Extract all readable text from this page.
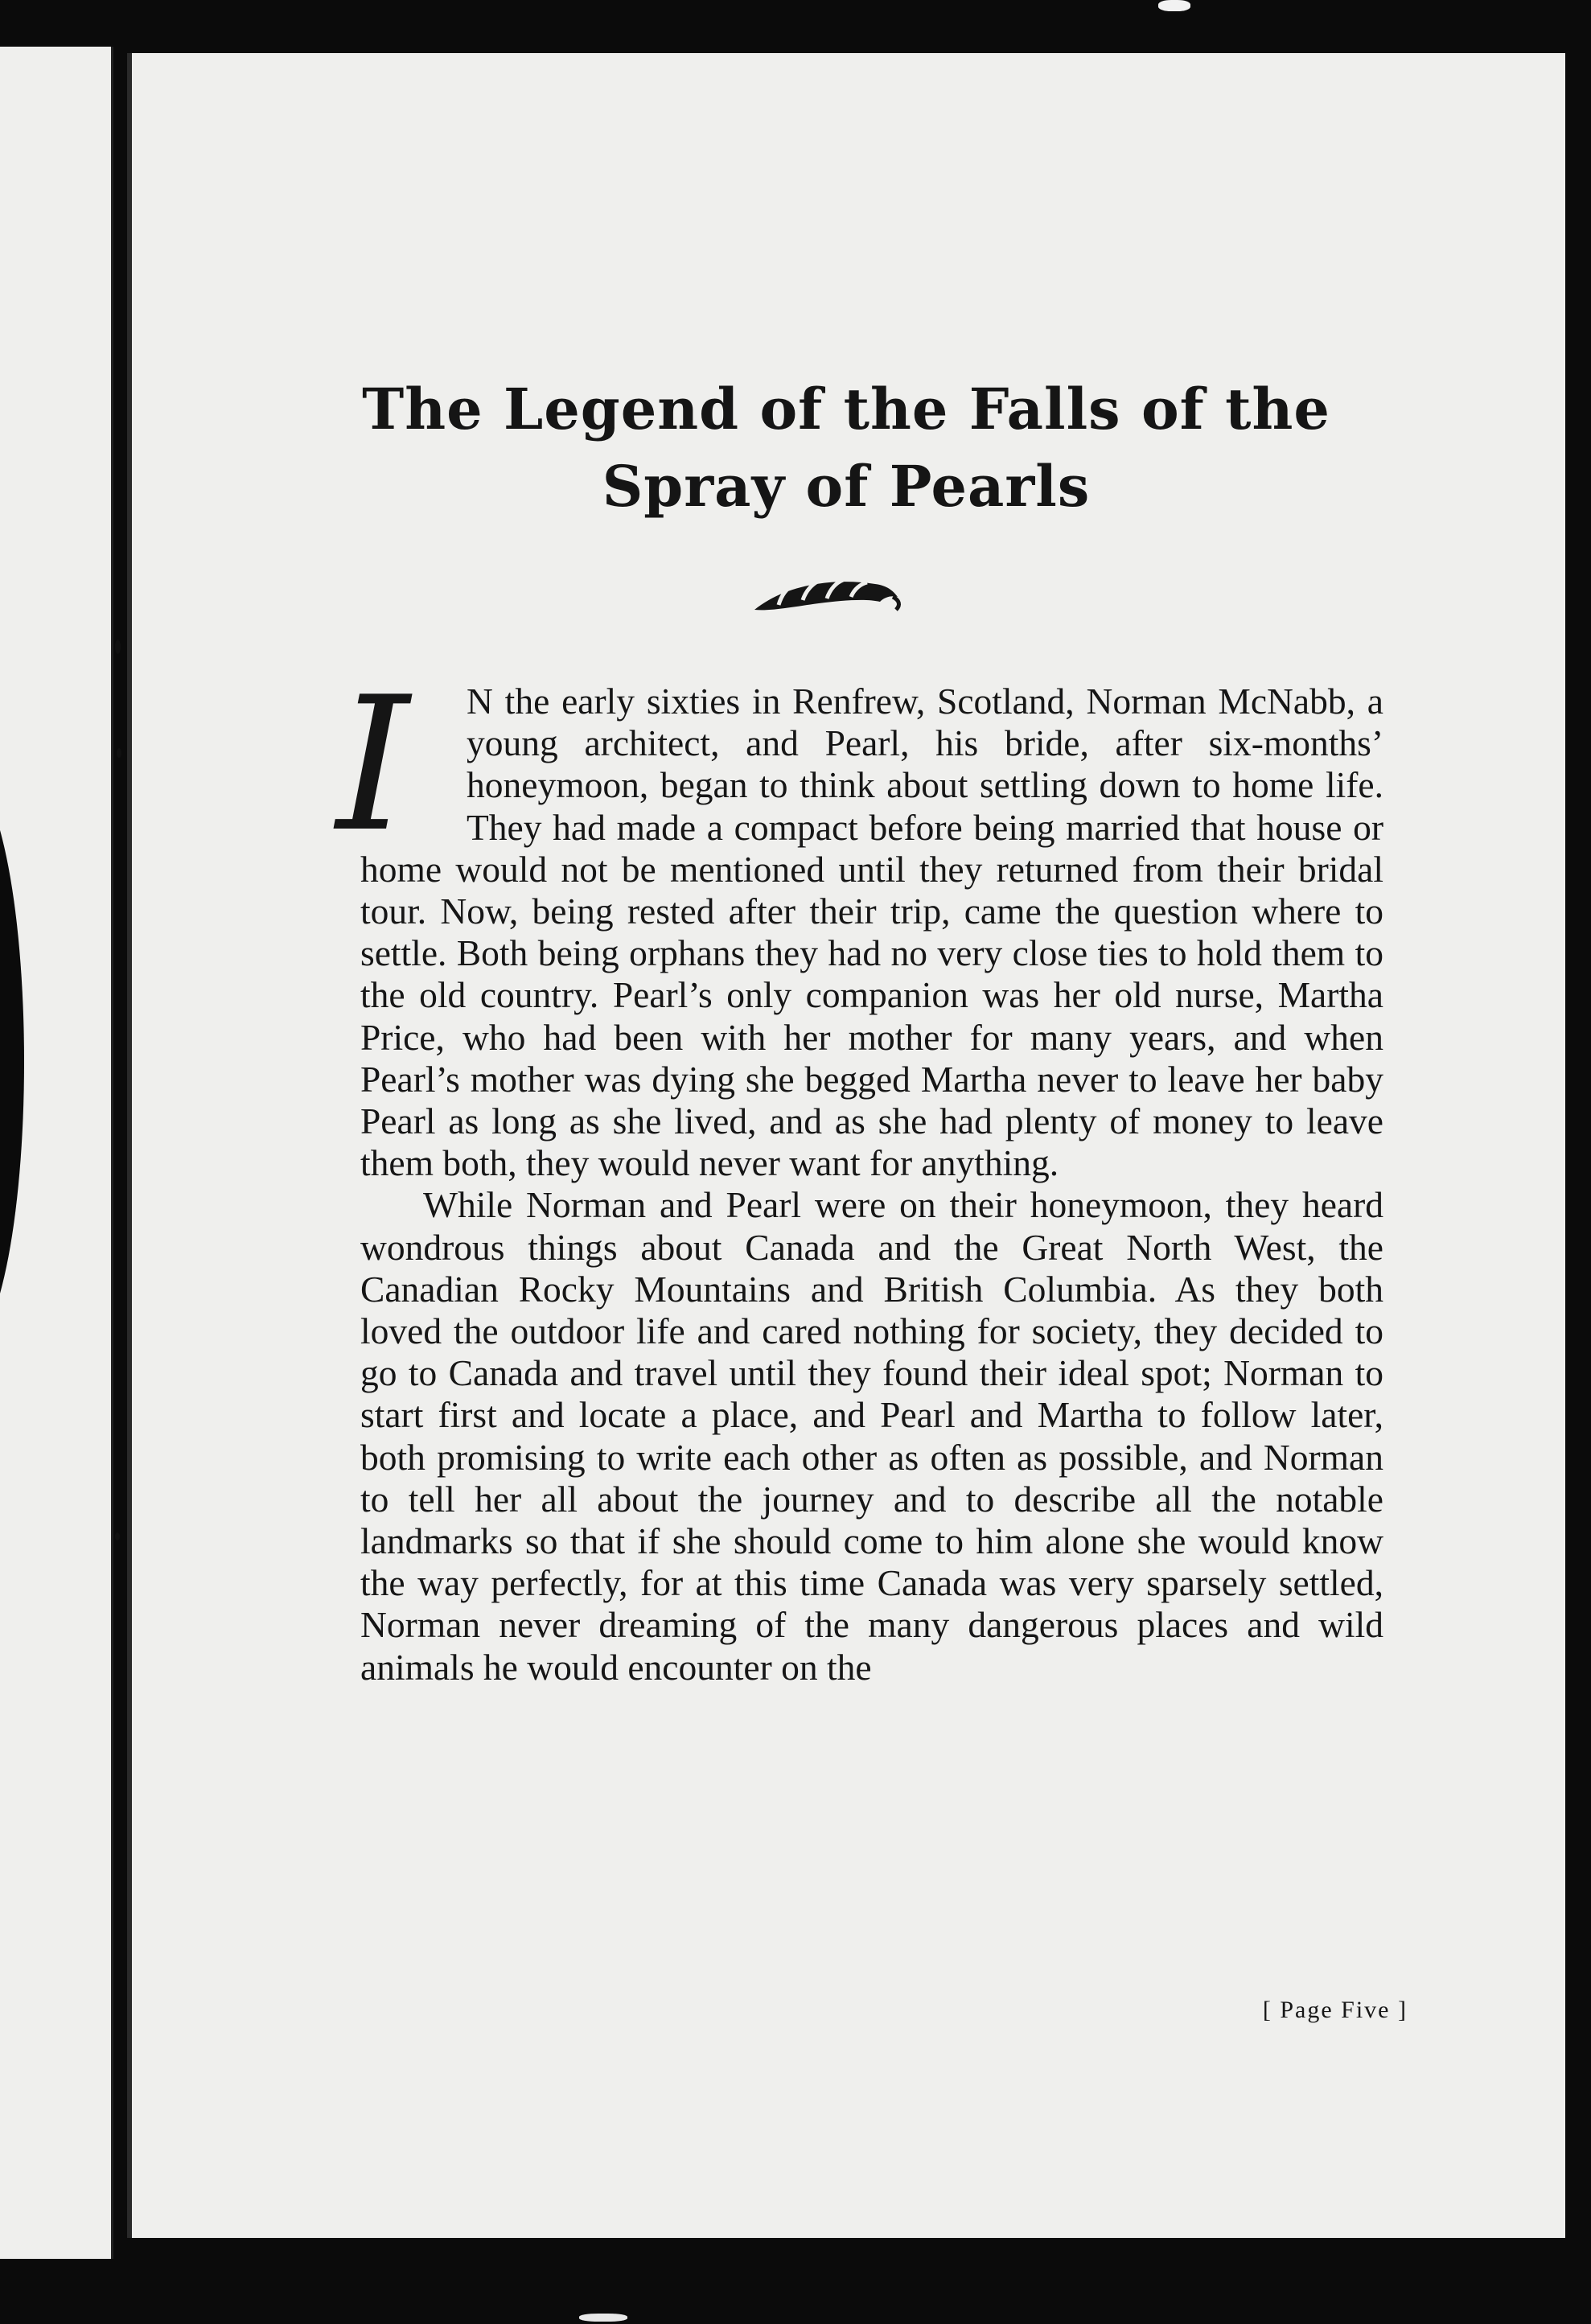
The Legend of the Falls of the Spray of Pearls

I	N the early sixties in Renfrew, Scotland, Norman McNabb, a young architect, and Pearl, his bride, after six-months’ honeymoon, began to think about settling down to home life. They had made a compact before being married that house or home would not be mentioned until they returned from their bridal tour. Now, being rested after their trip, came the question where to settle. Both being orphans they had no very close ties to hold them to the old country. Pearl’s only companion was her old nurse, Martha Price, who had been with her mother for many years, and when Pearl’s mother was dying she begged Martha never to leave her baby Pearl as long as she lived, and as she had plenty of money to leave them both, they would never want for anything.

While Norman and Pearl were on their honeymoon, they heard wondrous things about Canada and the Great North West, the Canadian Rocky Mountains and British Columbia. As they both loved the outdoor life and cared nothing for society, they decided to go to Canada and travel until they found their ideal spot; Norman to start first and locate a place, and Pearl and Martha to follow later, both promising to write each other as often as possible, and Norman to tell her all about the journey and to describe all the notable landmarks so that if she should come to him alone she would know the way perfectly, for at this time Canada was very sparsely settled, Norman never dreaming of the many dangerous places and wild animals he would encounter on the

[ Page Five ]
